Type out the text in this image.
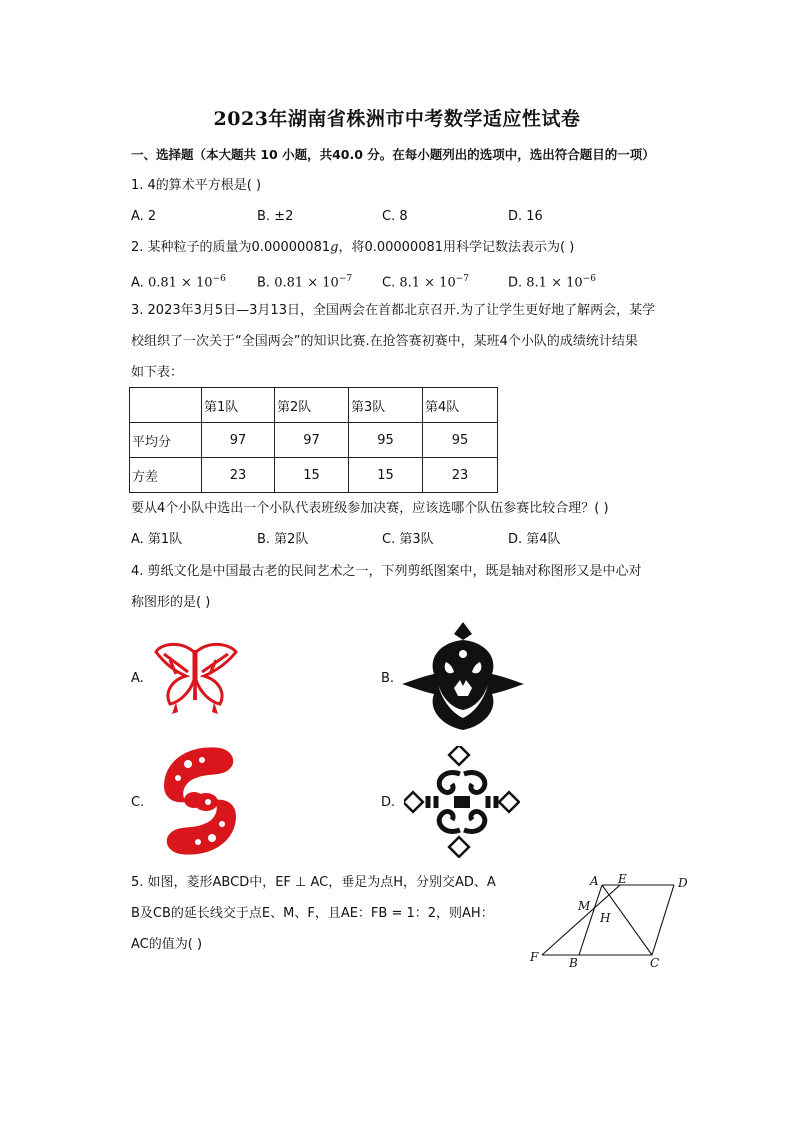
2023年湖南省株洲市中考数学适应性试卷
一、选择题（本大题共 10 小题，共40.0 分。在每小题列出的选项中，选出符合题目的一项）
1. 4的算术平方根是( )
A. 2	B. ±2	C. 8	D. 16
2. 某种粒子的质量为0.00000081g，将0.00000081用科学记数法表示为( )
A. $0.81 \times 10^{-6}$ B. $0.81 \times 10^{-7}$ C. $8.1 \times 10^{-7}$	D. $8.1 \times 10^{-6}$
3. 2023年3月5日—3月13日，全国两会在首都北京召开.为了让学生更好地了解两会，某学
校组织了一次关于“全国两会”的知识比赛.在抢答赛初赛中，某班4个小队的成绩统计结果
如下表：
	第1队	第2队	第3队	第4队
平均分	97	97	95	95
方差	23	15	15	23
要从4个小队中选出一个小队代表班级参加决赛，应该选哪个队伍参赛比较合理？( )
A. 第1队	B. 第2队	C. 第3队	D. 第4队
4. 剪纸文化是中国最古老的民间艺术之一，下列剪纸图案中，既是轴对称图形又是中心对
称图形的是( )
A.	B.
C.	D.
5. 如图，菱形ABCD中，EF ⊥ AC，垂足为点H，分别交AD、A
B及CB的延长线交于点E、M、F，且AE：FB = 1：2，则AH：
AC的值为( )
A E	D
M
H
F	B	C
